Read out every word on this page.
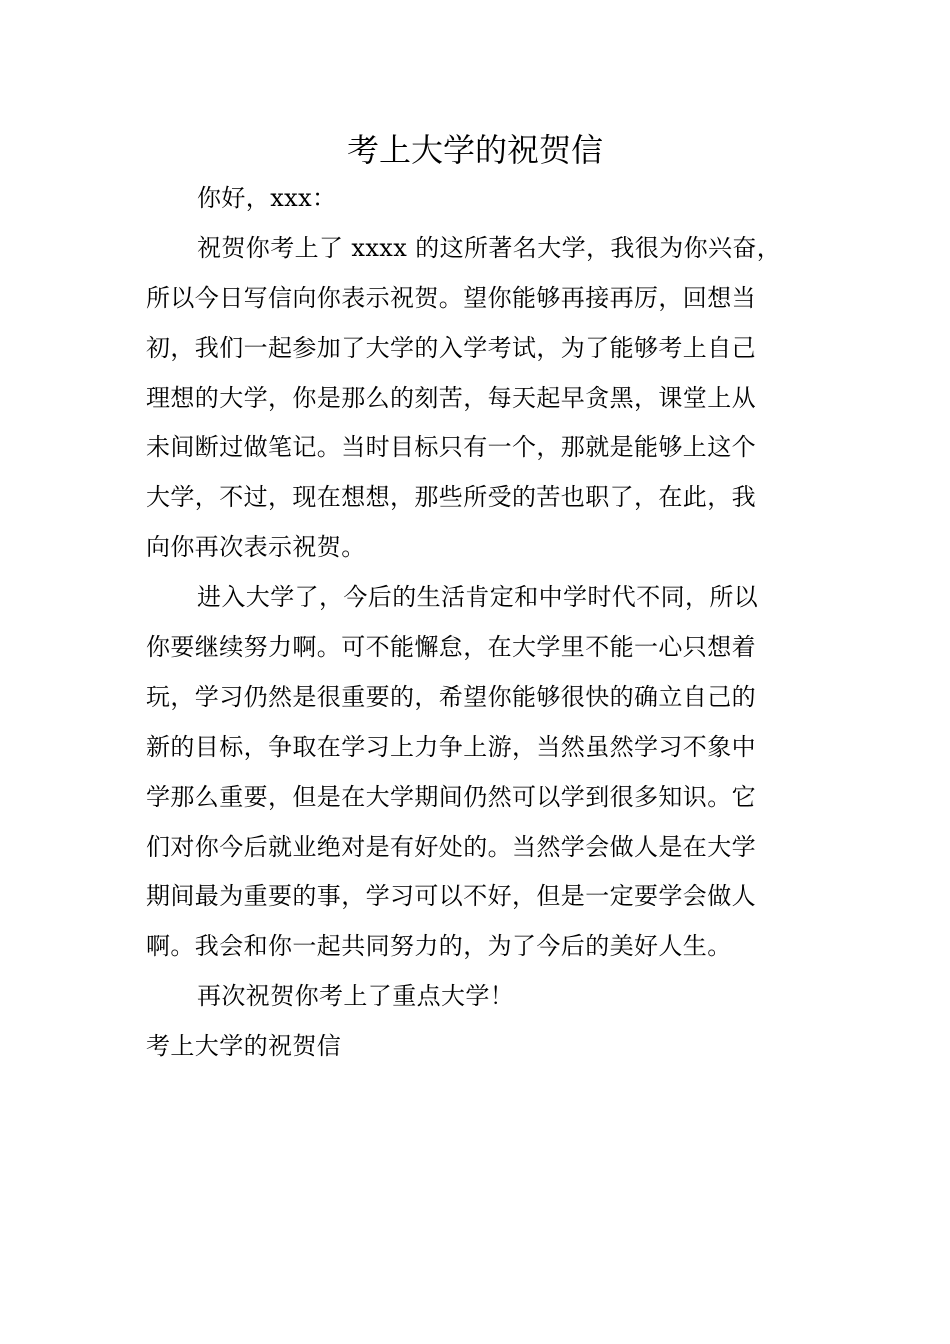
考上大学的祝贺信
你好，xxx：
祝贺你考上了 xxxx 的这所著名大学，我很为你兴奋，
所以今日写信向你表示祝贺。望你能够再接再厉，回想当
初，我们一起参加了大学的入学考试，为了能够考上自己
理想的大学，你是那么的刻苦，每天起早贪黑，课堂上从
未间断过做笔记。当时目标只有一个，那就是能够上这个
大学，不过，现在想想，那些所受的苦也职了，在此，我
向你再次表示祝贺。
进入大学了，今后的生活肯定和中学时代不同，所以
你要继续努力啊。可不能懈怠，在大学里不能一心只想着
玩，学习仍然是很重要的，希望你能够很快的确立自己的
新的目标，争取在学习上力争上游，当然虽然学习不象中
学那么重要，但是在大学期间仍然可以学到很多知识。它
们对你今后就业绝对是有好处的。当然学会做人是在大学
期间最为重要的事，学习可以不好，但是一定要学会做人
啊。我会和你一起共同努力的，为了今后的美好人生。
再次祝贺你考上了重点大学！
考上大学的祝贺信
